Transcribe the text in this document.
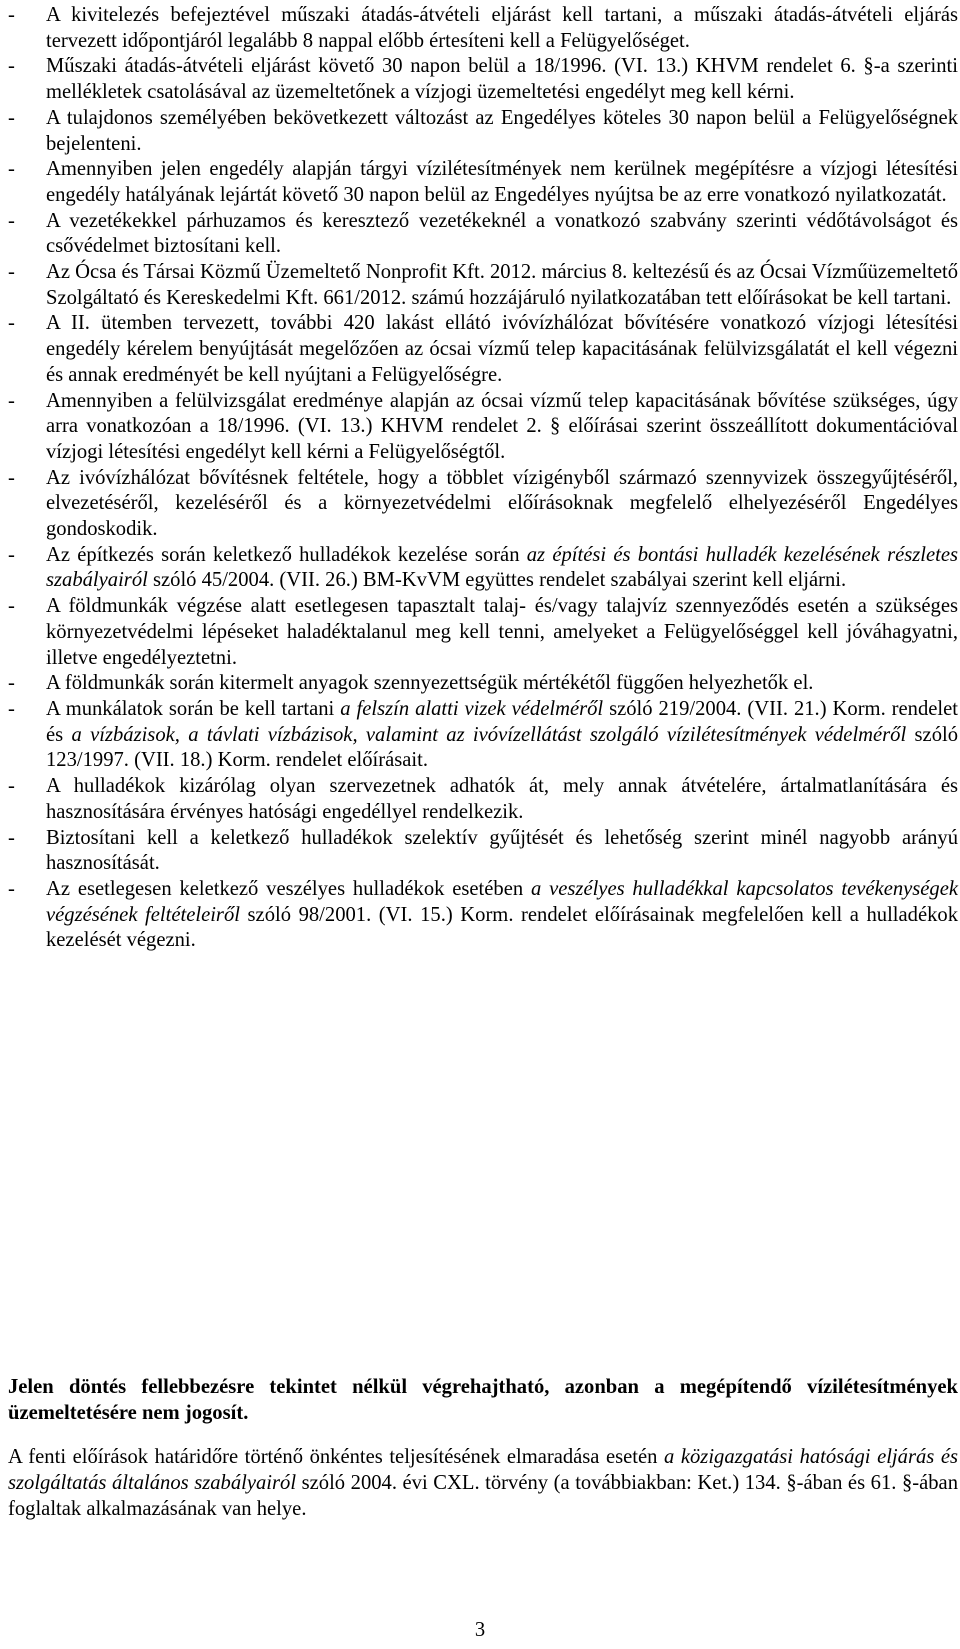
- A kivitelezés befejeztével műszaki átadás-átvételi eljárást kell tartani, a műszaki átadás-átvételi eljárás tervezett időpontjáról legalább 8 nappal előbb értesíteni kell a Felügyelőséget.
- Műszaki átadás-átvételi eljárást követő 30 napon belül a 18/1996. (VI. 13.) KHVM rendelet 6. §-a szerinti mellékletek csatolásával az üzemeltetőnek a vízjogi üzemeltetési engedélyt meg kell kérni.
- A tulajdonos személyében bekövetkezett változást az Engedélyes köteles 30 napon belül a Felügyelőségnek bejelenteni.
- Amennyiben jelen engedély alapján tárgyi vízilétesítmények nem kerülnek megépítésre a vízjogi létesítési engedély hatályának lejártát követő 30 napon belül az Engedélyes nyújtsa be az erre vonatkozó nyilatkozatát.
- A vezetékekkel párhuzamos és keresztező vezetékeknél a vonatkozó szabvány szerinti védőtávolságot és csővédelmet biztosítani kell.
- Az Ócsa és Társai Közmű Üzemeltető Nonprofit Kft. 2012. március 8. keltezésű és az Ócsai Vízműüzemeltető Szolgáltató és Kereskedelmi Kft. 661/2012. számú hozzájáruló nyilatkozatában tett előírásokat be kell tartani.
- A II. ütemben tervezett, további 420 lakást ellátó ivóvízhálózat bővítésére vonatkozó vízjogi létesítési engedély kérelem benyújtását megelőzően az ócsai vízmű telep kapacitásának felülvizsgálatát el kell végezni és annak eredményét be kell nyújtani a Felügyelőségre.
- Amennyiben a felülvizsgálat eredménye alapján az ócsai vízmű telep kapacitásának bővítése szükséges, úgy arra vonatkozóan a 18/1996. (VI. 13.) KHVM rendelet 2. § előírásai szerint összeállított dokumentációval vízjogi létesítési engedélyt kell kérni a Felügyelőségtől.
- Az ivóvízhálózat bővítésnek feltétele, hogy a többlet vízigényből származó szennyvizek összegyűjtéséről, elvezetéséről, kezeléséről és a környezetvédelmi előírásoknak megfelelő elhelyezéséről Engedélyes gondoskodik.
- Az építkezés során keletkező hulladékok kezelése során az építési és bontási hulladék kezelésének részletes szabályairól szóló 45/2004. (VII. 26.) BM-KvVM együttes rendelet szabályai szerint kell eljárni.
- A földmunkák végzése alatt esetlegesen tapasztalt talaj- és/vagy talajvíz szennyeződés esetén a szükséges környezetvédelmi lépéseket haladéktalanul meg kell tenni, amelyeket a Felügyelőséggel kell jóváhagyatni, illetve engedélyeztetni.
- A földmunkák során kitermelt anyagok szennyezettségük mértékétől függően helyezhetők el.
- A munkálatok során be kell tartani a felszín alatti vizek védelméről szóló 219/2004. (VII. 21.) Korm. rendelet és a vízbázisok, a távlati vízbázisok, valamint az ivóvízellátást szolgáló vízilétesítmények védelméről szóló 123/1997. (VII. 18.) Korm. rendelet előírásait.
- A hulladékok kizárólag olyan szervezetnek adhatók át, mely annak átvételére, ártalmatlanítására és hasznosítására érvényes hatósági engedéllyel rendelkezik.
- Biztosítani kell a keletkező hulladékok szelektív gyűjtését és lehetőség szerint minél nagyobb arányú hasznosítását.
- Az esetlegesen keletkező veszélyes hulladékok esetében a veszélyes hulladékkal kapcsolatos tevékenységek végzésének feltételeiről szóló 98/2001. (VI. 15.) Korm. rendelet előírásainak megfelelően kell a hulladékok kezelését végezni.

Jelen döntés fellebbezésre tekintet nélkül végrehajtható, azonban a megépítendő vízilétesítmények üzemeltetésére nem jogosít.

A fenti előírások határidőre történő önkéntes teljesítésének elmaradása esetén a közigazgatási hatósági eljárás és szolgáltatás általános szabályairól szóló 2004. évi CXL. törvény (a továbbiakban: Ket.) 134. §-ában és 61. §-ában foglaltak alkalmazásának van helye.

3
